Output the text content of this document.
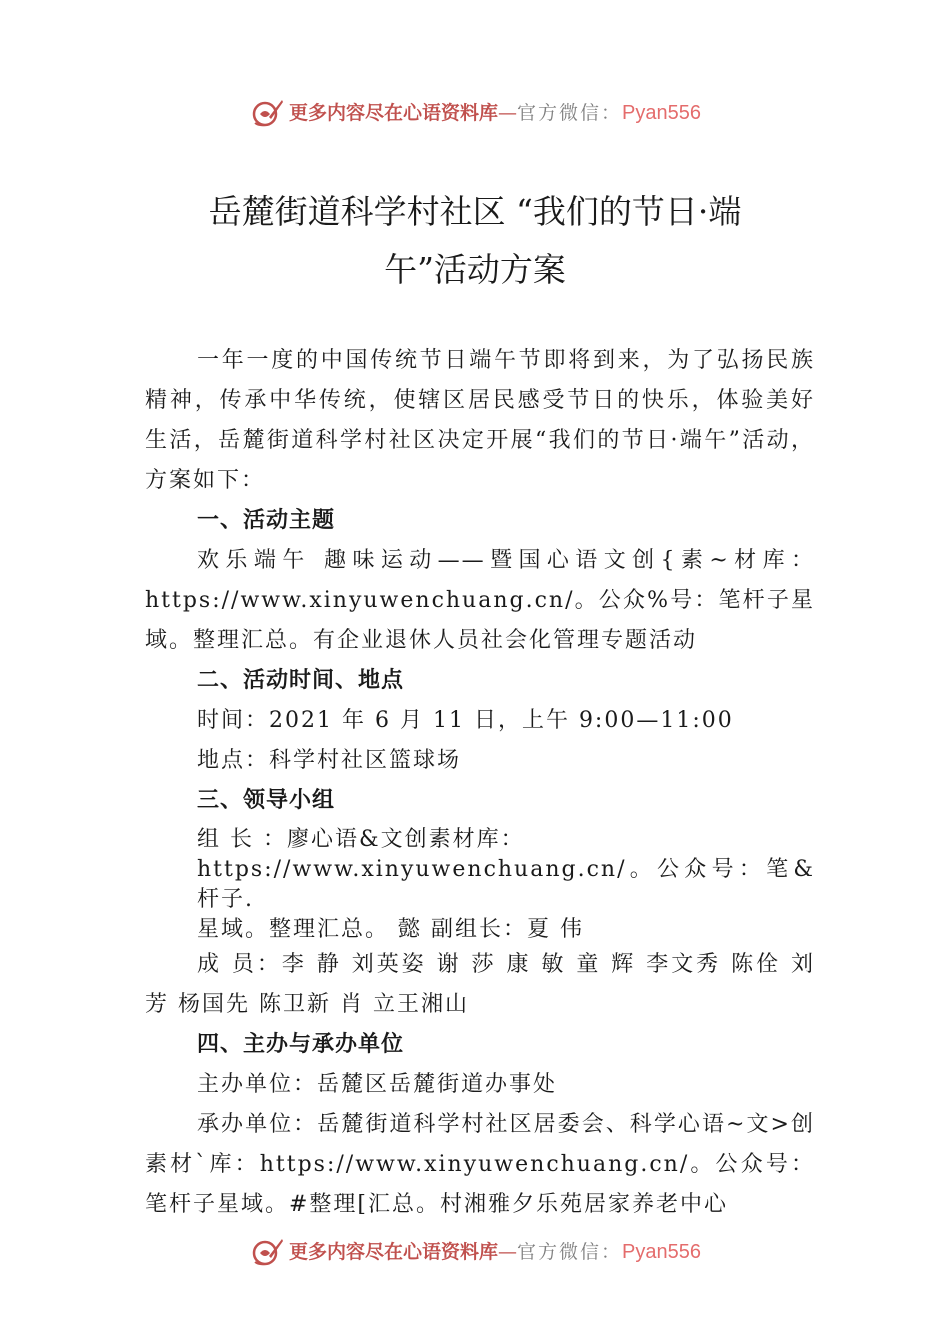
更多内容尽在心语资料库 — 官方微信： Pyan556
岳麓街道科学村社区 “我们的节日·端
午”活动方案

一年一度的中国传统节日端午节即将到来，为了弘扬民族精神，传承中华传统，使辖区居民感受节日的快乐，体验美好生活，岳麓街道科学村社区决定开展“我们的节日·端午”活动，方案如下：

一、活动主题

欢乐端午 趣味运动——暨国心语文创{素~材库：https://www.xinyuwenchuang.cn/。公众%号：笔杆子星域。整理汇总。有企业退休人员社会化管理专题活动

二、活动时间、地点

时间：2021 年 6 月 11 日，上午 9:00—11:00

地点：科学村社区篮球场

三、领导小组
组 长 ：廖心语&文创素材库：
https://www.xinyuwenchuang.cn/。公众号：笔&杆子.
星域。整理汇总。 懿 副组长：夏 伟

成 员：李 静 刘英姿 谢 莎 康 敏 童 辉 李文秀 陈佺 刘 芳 杨国先 陈卫新 肖 立王湘山

四、主办与承办单位

主办单位：岳麓区岳麓街道办事处

承办单位：岳麓街道科学村社区居委会、科学心语~文>创素材`库：https://www.xinyuwenchuang.cn/。公众号：笔杆子星域。#整理[汇总。村湘雅夕乐苑居家养老中心

更多内容尽在心语资料库 — 官方微信： Pyan556
